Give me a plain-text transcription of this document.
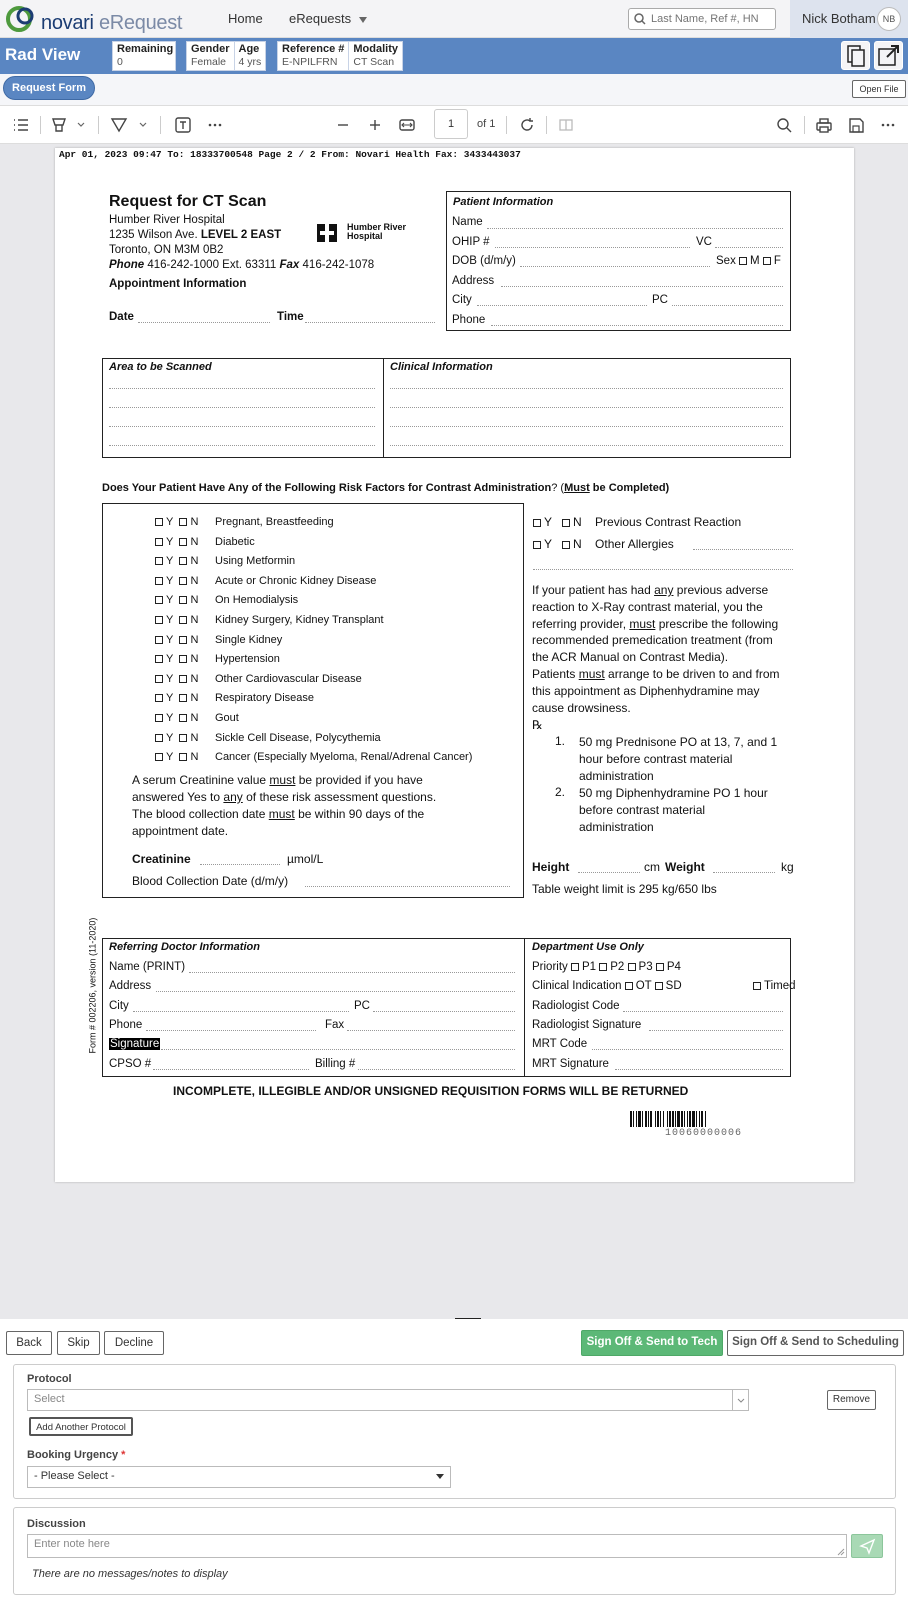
novari eRequest	Home eRequests
Last Name, Ref #, HN	Nick Botham NB
Rad View	Remaining
0
Gender
Female
Age
4 yrs
Reference #
E-NPILFRN
Modality
CT Scan
Request Form	Open File
1	of 1
Apr 01, 2023 09:47 To: 18333700548 Page 2 / 2 From: Novari Health Fax: 3433443037
Request for CT Scan
Humber River Hospital
1235 Wilson Ave. LEVEL 2 EAST
Toronto, ON M3M 0B2
Phone 416-242-1000 Ext. 63311 Fax 416-242-1078
Appointment Information
Date	Time
Humber River Hospital
Patient Information
Name
OHIP #	VC
DOB (d/m/y)	Sex M F
Address
City	PC
Phone
Area to be Scanned	Clinical Information
Does Your Patient Have Any of the Following Risk Factors for Contrast Administration? (Must be Completed)
Y N Pregnant, Breastfeeding
Y N Diabetic
Y N Using Metformin
Y N Acute or Chronic Kidney Disease
Y N On Hemodialysis
Y N Kidney Surgery, Kidney Transplant
Y N Single Kidney
Y N Hypertension
Y N Other Cardiovascular Disease
Y N Respiratory Disease
Y N Gout
Y N Sickle Cell Disease, Polycythemia
Y N Cancer (Especially Myeloma, Renal/Adrenal Cancer)
A serum Creatinine value must be provided if you have
answered Yes to any of these risk assessment questions.
The blood collection date must be within 90 days of the
appointment date.
Creatinine	µmol/L
Blood Collection Date (d/m/y)
Y N Previous Contrast Reaction
Y N Other Allergies
If your patient has had any previous adverse
reaction to X-Ray contrast material, you the
referring provider, must prescribe the following
recommended premedication treatment (from
the ACR Manual on Contrast Media).
Patients must arrange to be driven to and from
this appointment as Diphenhydramine may
cause drowsiness.
℞
1. 50 mg Prednisone PO at 13, 7, and 1
hour before contrast material
administration
2. 50 mg Diphenhydramine PO 1 hour
before contrast material
administration
Height	cm Weight	kg
Table weight limit is 295 kg/650 lbs
Form # 002206, version (11-2020) Referring Doctor Information
Name (PRINT)
Address
City	PC
Phone	Fax
Signature
CPSO #	Billing #
Department Use Only
Priority P1 P2 P3 P4
Clinical Indication OT SD	Timed
Radiologist Code
Radiologist Signature
MRT Code
MRT Signature
INCOMPLETE, ILLEGIBLE AND/OR UNSIGNED REQUISITION FORMS WILL BE RETURNED
10060000006
Back	Skip	Decline	Sign Off & Send to Tech	Sign Off & Send to Scheduling
Protocol
Select	Remove
Add Another Protocol
Booking Urgency *
- Please Select -
Discussion
Enter note here
There are no messages/notes to display
